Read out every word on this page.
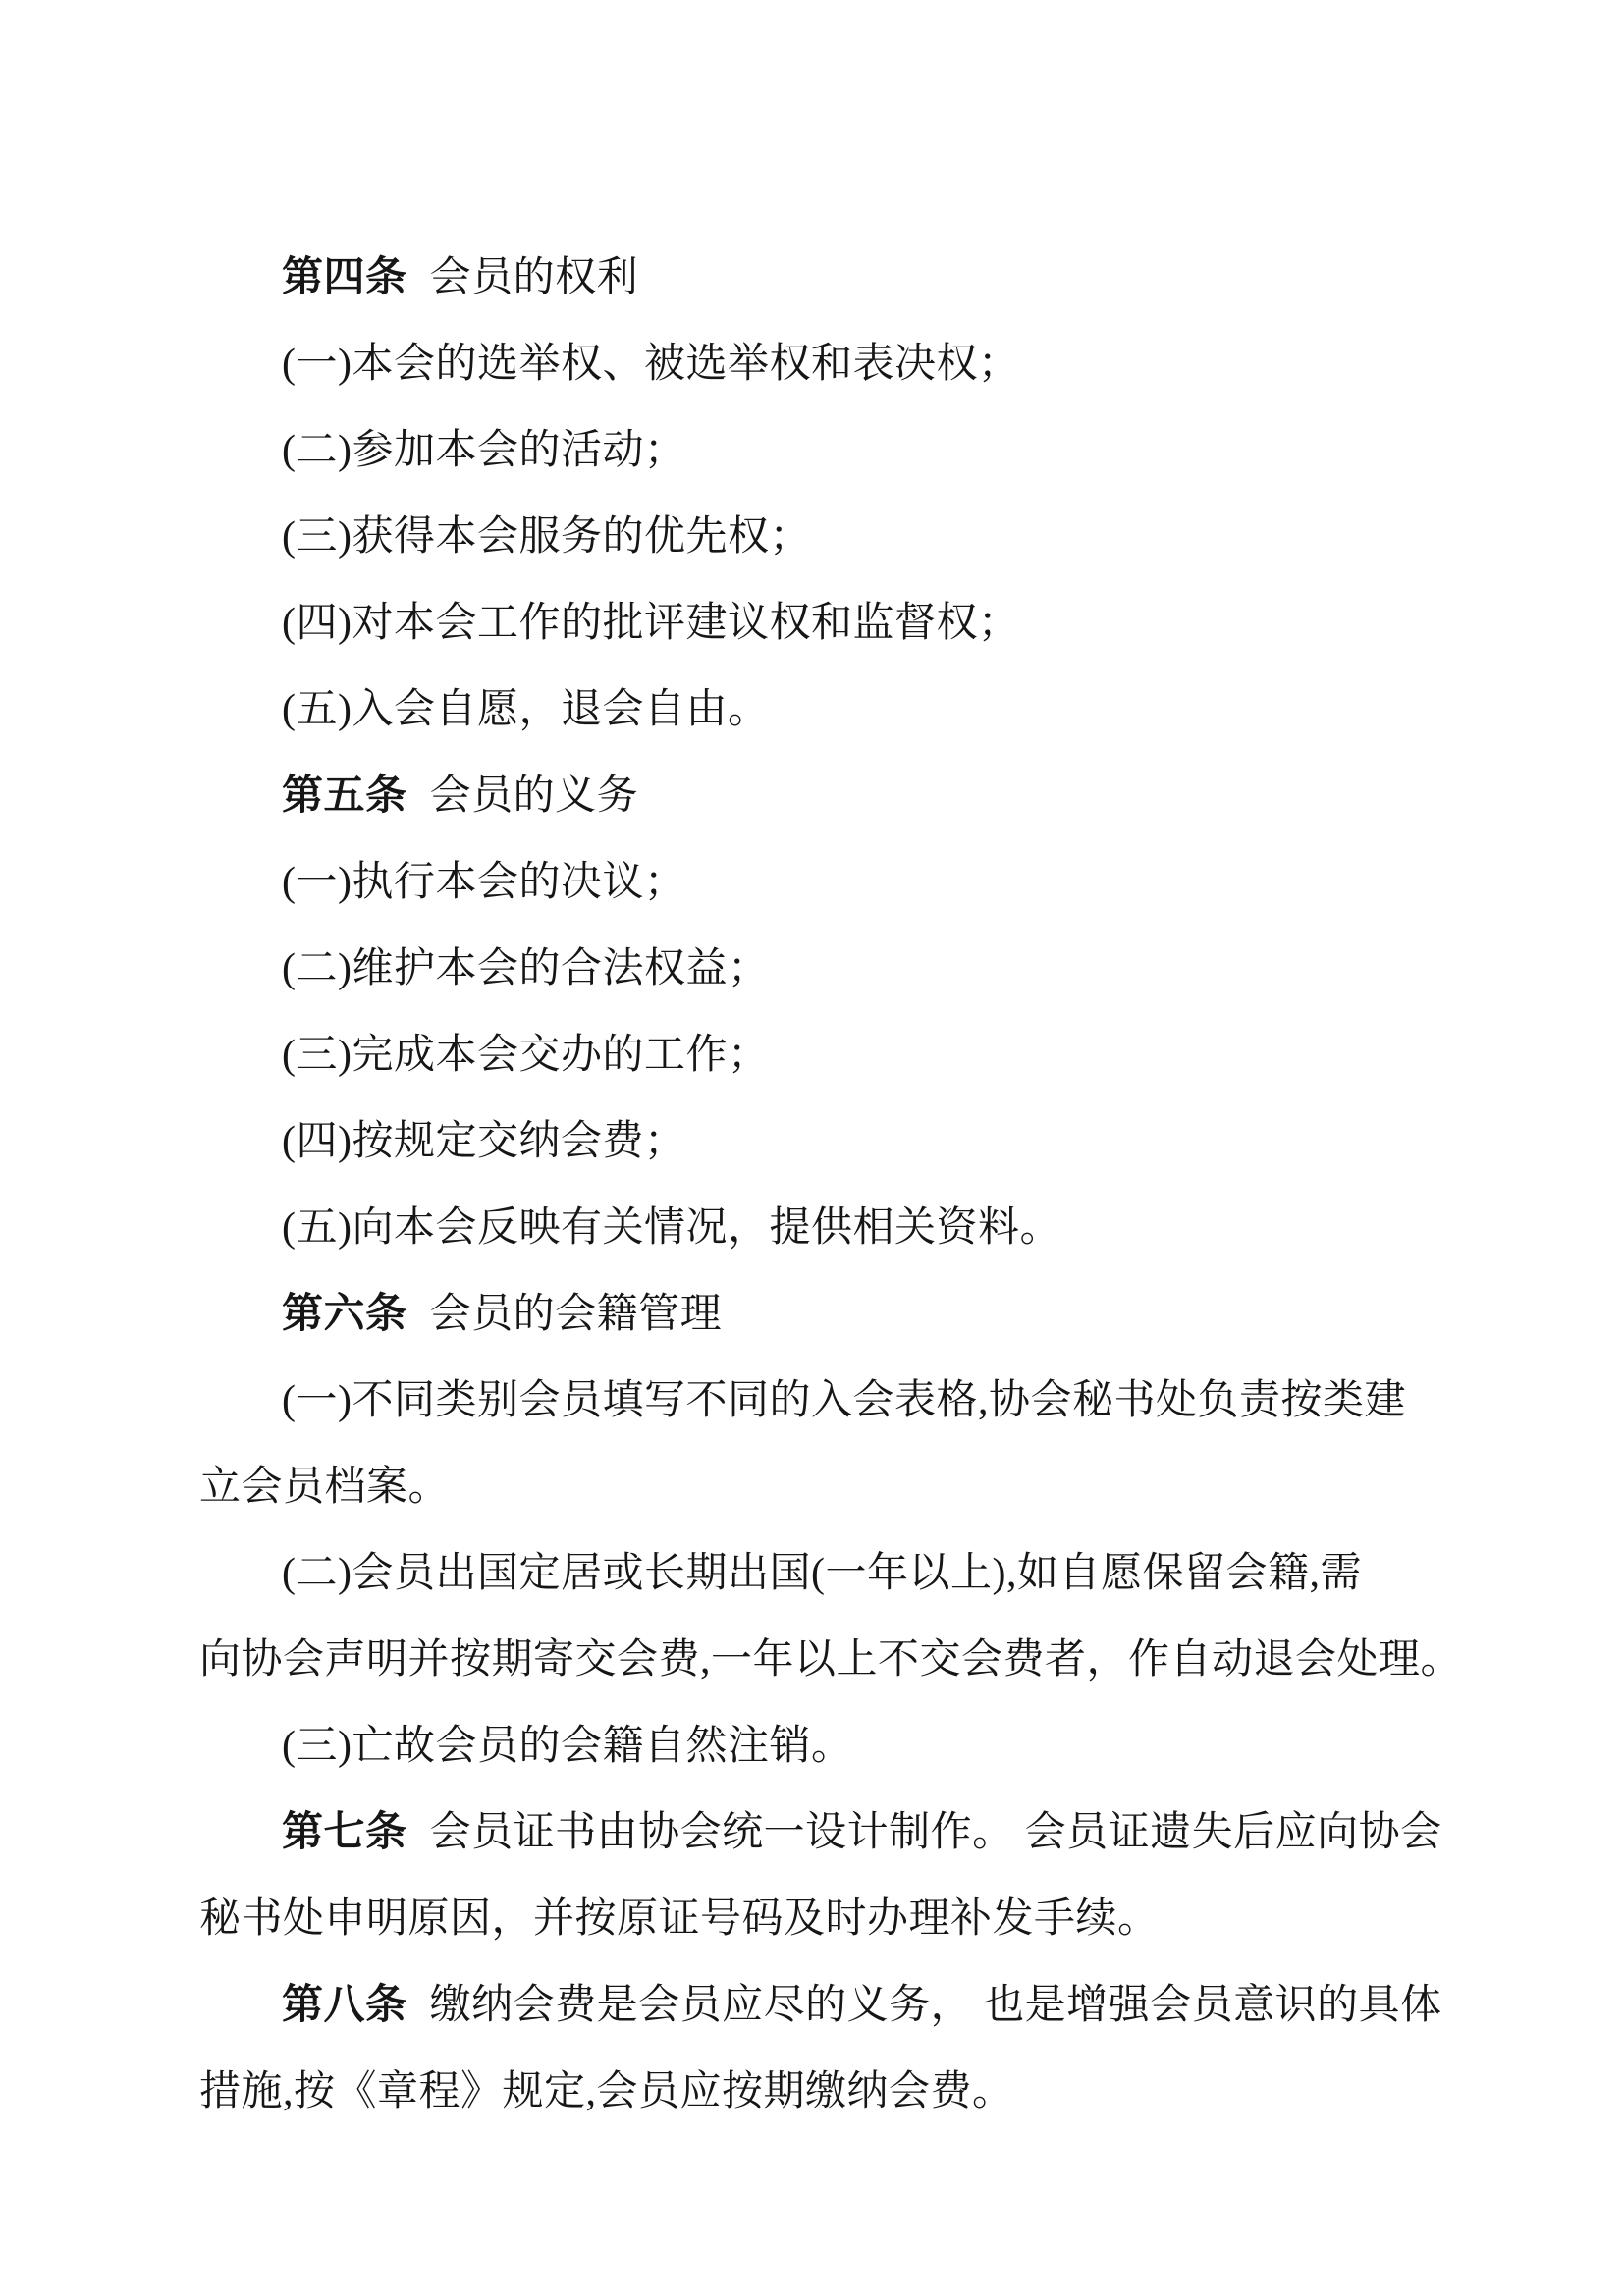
第四条 会员的权利
(一)本会的选举权、被选举权和表决权；
(二)参加本会的活动；
(三)获得本会服务的优先权；
(四)对本会工作的批评建议权和监督权；
(五)入会自愿，退会自由。
第五条 会员的义务
(一)执行本会的决议；
(二)维护本会的合法权益；
(三)完成本会交办的工作；
(四)按规定交纳会费；
(五)向本会反映有关情况，提供相关资料。
第六条 会员的会籍管理
(一)不同类别会员填写不同的入会表格,协会秘书处负责按类建
立会员档案。
(二)会员出国定居或长期出国(一年以上),如自愿保留会籍,需
向协会声明并按期寄交会费,一年以上不交会费者，作自动退会处理。
(三)亡故会员的会籍自然注销。
第七条 会员证书由协会统一设计制作。 会员证遗失后应向协会
秘书处申明原因，并按原证号码及时办理补发手续。
第八条 缴纳会费是会员应尽的义务， 也是增强会员意识的具体
措施,按《章程》规定,会员应按期缴纳会费。
